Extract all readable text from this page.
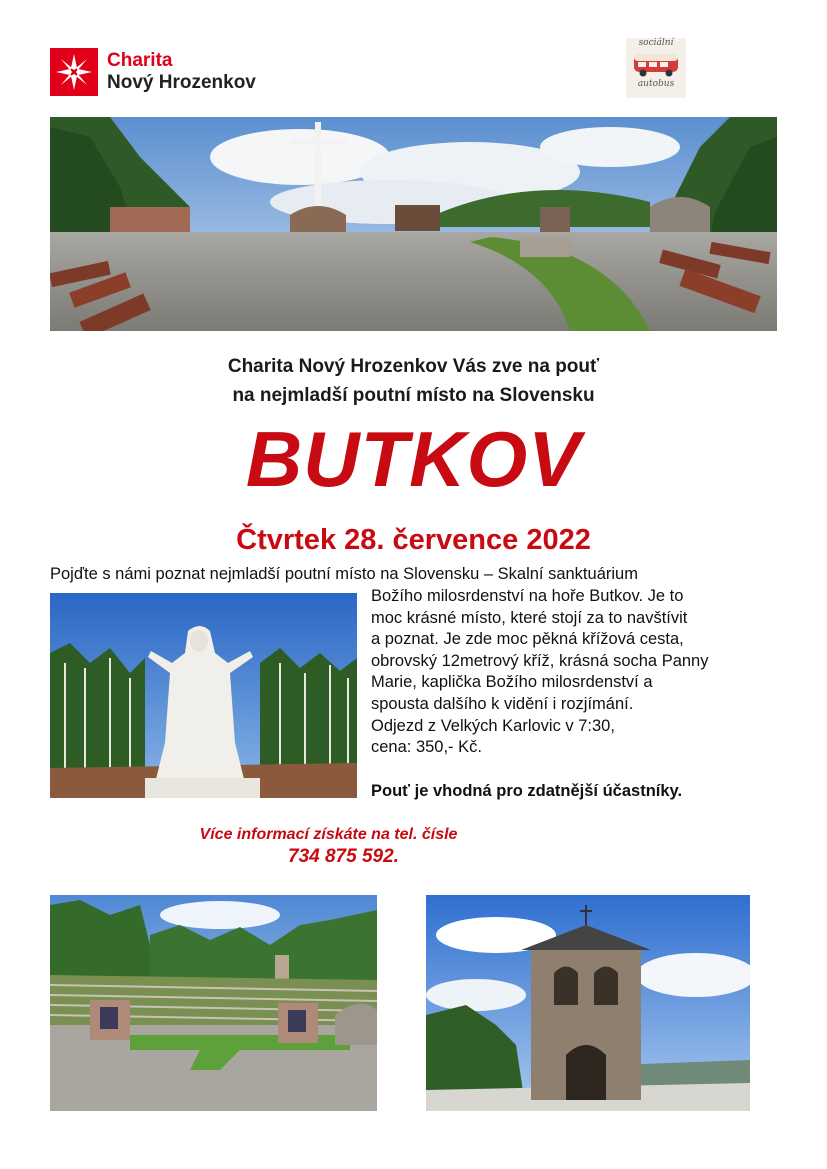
Charita
Nový Hrozenkov
sociální
autobus
Charita Nový Hrozenkov Vás zve na pouť
na nejmladší poutní místo na Slovensku
BUTKOV
Čtvrtek 28. července 2022
Pojďte s námi poznat nejmladší poutní místo na Slovensku – Skalní sanktuárium
Božího milosrdenství na hoře Butkov. Je to
moc krásné místo, které stojí za to navštívit
a poznat. Je zde moc pěkná křížová cesta,
obrovský 12metrový kříž, krásná socha Panny
Marie, kaplička Božího milosrdenství a
spousta dalšího k vidění i rozjímání.
Odjezd z Velkých Karlovic v 7:30,
cena: 350,- Kč.
Pouť je vhodná pro zdatnější účastníky.
Více informací získáte na tel. čísle
734 875 592.
